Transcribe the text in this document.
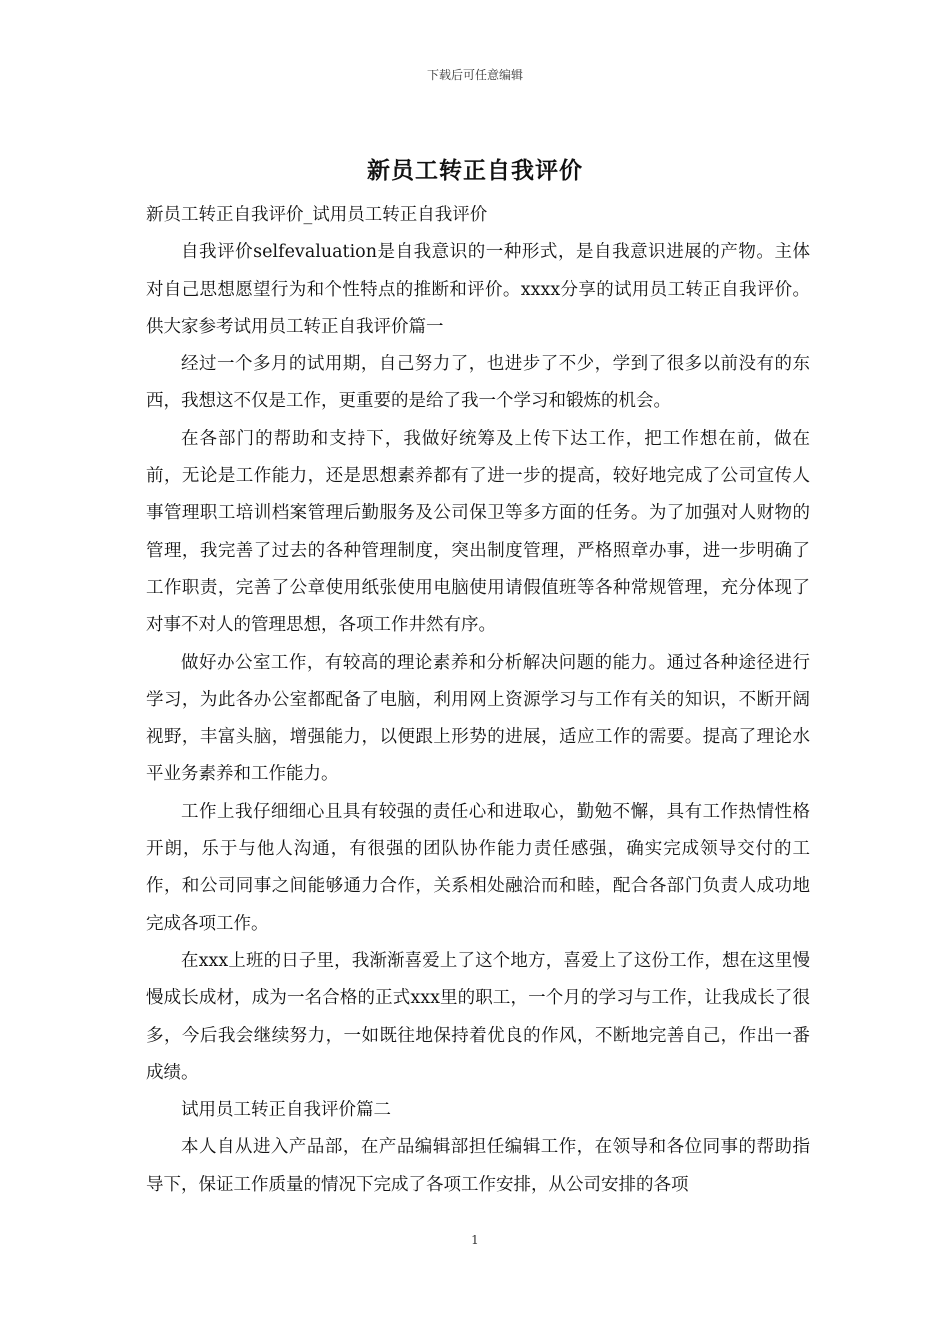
下载后可任意编辑
新员工转正自我评价

新员工转正自我评价_试用员工转正自我评价

自我评价selfevaluation是自我意识的一种形式，是自我意识进展的产物。主体对自己思想愿望行为和个性特点的推断和评价。xxxx分享的试用员工转正自我评价。供大家参考试用员工转正自我评价篇一

经过一个多月的试用期，自己努力了，也进步了不少，学到了很多以前没有的东西，我想这不仅是工作，更重要的是给了我一个学习和锻炼的机会。

在各部门的帮助和支持下，我做好统筹及上传下达工作，把工作想在前，做在前，无论是工作能力，还是思想素养都有了进一步的提高，较好地完成了公司宣传人事管理职工培训档案管理后勤服务及公司保卫等多方面的任务。为了加强对人财物的管理，我完善了过去的各种管理制度，突出制度管理，严格照章办事，进一步明确了工作职责，完善了公章使用纸张使用电脑使用请假值班等各种常规管理，充分体现了对事不对人的管理思想，各项工作井然有序。

做好办公室工作，有较高的理论素养和分析解决问题的能力。通过各种途径进行学习，为此各办公室都配备了电脑，利用网上资源学习与工作有关的知识，不断开阔视野，丰富头脑，增强能力，以便跟上形势的进展，适应工作的需要。提高了理论水平业务素养和工作能力。

工作上我仔细细心且具有较强的责任心和进取心，勤勉不懈，具有工作热情性格开朗，乐于与他人沟通，有很强的团队协作能力责任感强，确实完成领导交付的工作，和公司同事之间能够通力合作，关系相处融洽而和睦，配合各部门负责人成功地完成各项工作。

在xxx上班的日子里，我渐渐喜爱上了这个地方，喜爱上了这份工作，想在这里慢慢成长成材，成为一名合格的正式xxx里的职工，一个月的学习与工作，让我成长了很多，今后我会继续努力，一如既往地保持着优良的作风，不断地完善自己，作出一番成绩。

试用员工转正自我评价篇二

本人自从进入产品部，在产品编辑部担任编辑工作，在领导和各位同事的帮助指导下，保证工作质量的情况下完成了各项工作安排，从公司安排的各项

1
